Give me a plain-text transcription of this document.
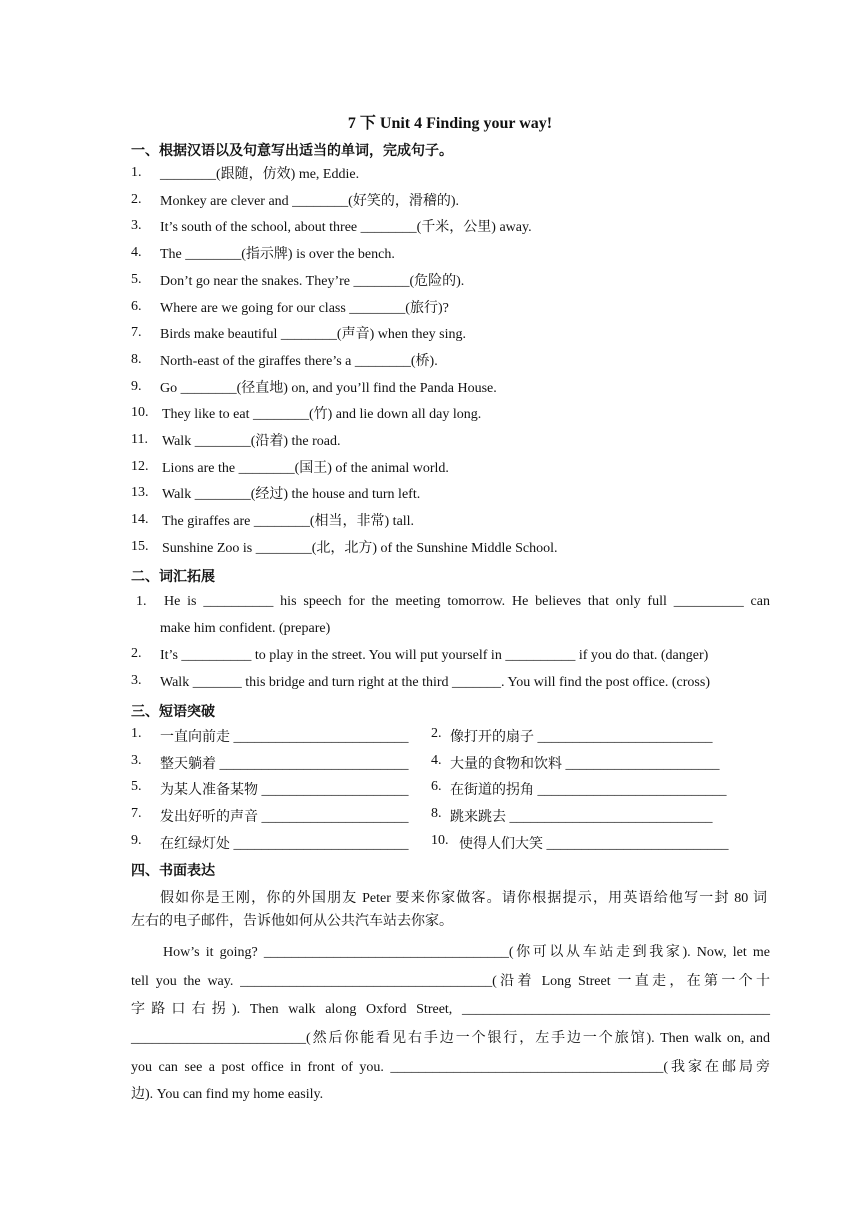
7 下 Unit 4 Finding your way!
一、根据汉语以及句意写出适当的单词，完成句子。
1. ________(跟随，仿效) me, Eddie.
2. Monkey are clever and ________(好笑的，滑稽的).
3. It’s south of the school, about three ________(千米，公里) away.
4. The ________(指示牌) is over the bench.
5. Don’t go near the snakes. They’re ________(危险的).
6. Where are we going for our class ________(旅行)?
7. Birds make beautiful ________(声音) when they sing.
8. North-east of the giraffes there’s a ________(桥).
9. Go ________(径直地) on, and you’ll find the Panda House.
10. They like to eat ________(竹) and lie down all day long.
11. Walk ________(沿着) the road.
12. Lions are the ________(国王) of the animal world.
13. Walk ________(经过) the house and turn left.
14. The giraffes are ________(相当，非常) tall.
15. Sunshine Zoo is ________(北，北方) of the Sunshine Middle School.
二、词汇拓展
1. He is __________ his speech for the meeting tomorrow. He believes that only full __________ can
make him confident. (prepare)
2. It’s __________ to play in the street. You will put yourself in __________ if you do that. (danger)
3. Walk _______ this bridge and turn right at the third _______. You will find the post office. (cross)
三、短语突破
1. 一直向前走 _________________________ 2. 像打开的扇子 _________________________
3. 整天躺着 ___________________________ 4. 大量的食物和饮料 ______________________
5. 为某人准备某物 _____________________ 6. 在街道的拐角 ___________________________
7. 发出好听的声音 _____________________ 8. 跳来跳去 _____________________________
9. 在红绿灯处 _________________________ 10. 使得人们大笑 __________________________
四、书面表达
假如你是王刚，你的外国朋友 Peter 要来你家做客。请你根据提示，用英语给他写一封 80 词
左右的电子邮件，告诉他如何从公共汽车站去你家。
How’s it going? ___________________________________(你可以从车站走到我家). Now, let me
tell you the way. ____________________________________(沿着 Long Street 一直走，在第一个十
字路口右拐). Then walk along Oxford Street, ____________________________________________
_________________________(然后你能看见右手边一个银行，左手边一个旅馆). Then walk on, and
you can see a post office in front of you. _______________________________________(我家在邮局旁
边). You can find my home easily.
